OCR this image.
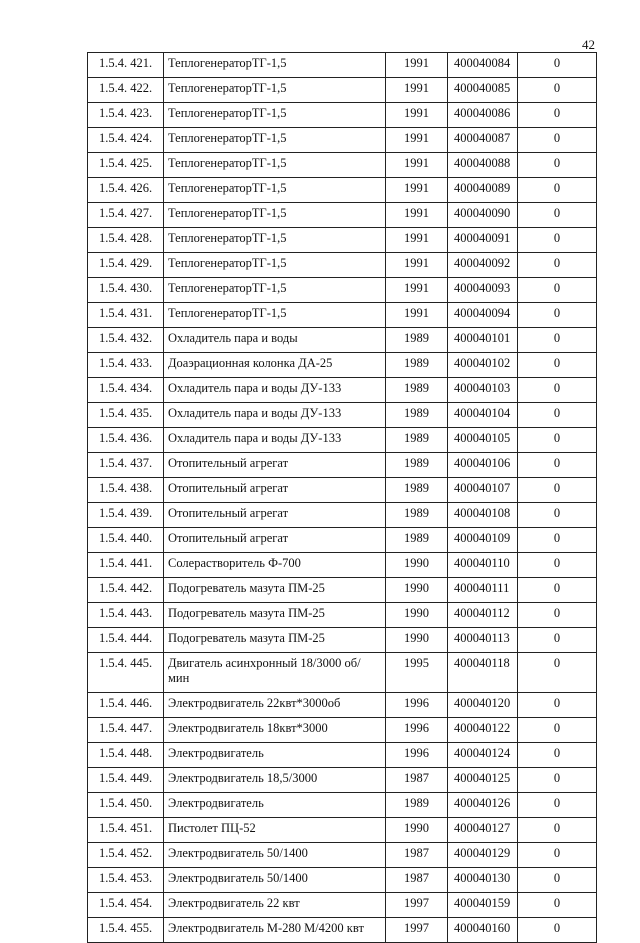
42
1.5.4. 421.	ТеплогенераторТГ-1,5	1991	400040084	0
1.5.4. 422.	ТеплогенераторТГ-1,5	1991	400040085	0
1.5.4. 423.	ТеплогенераторТГ-1,5	1991	400040086	0
1.5.4. 424.	ТеплогенераторТГ-1,5	1991	400040087	0
1.5.4. 425.	ТеплогенераторТГ-1,5	1991	400040088	0
1.5.4. 426.	ТеплогенераторТГ-1,5	1991	400040089	0
1.5.4. 427.	ТеплогенераторТГ-1,5	1991	400040090	0
1.5.4. 428.	ТеплогенераторТГ-1,5	1991	400040091	0
1.5.4. 429.	ТеплогенераторТГ-1,5	1991	400040092	0
1.5.4. 430.	ТеплогенераторТГ-1,5	1991	400040093	0
1.5.4. 431.	ТеплогенераторТГ-1,5	1991	400040094	0
1.5.4. 432.	Охладитель пара и воды	1989	400040101	0
1.5.4. 433.	Доаэрационная колонка ДА-25	1989	400040102	0
1.5.4. 434.	Охладитель пара и воды ДУ-133	1989	400040103	0
1.5.4. 435.	Охладитель пара и воды ДУ-133	1989	400040104	0
1.5.4. 436.	Охладитель пара и воды ДУ-133	1989	400040105	0
1.5.4. 437.	Отопительный агрегат	1989	400040106	0
1.5.4. 438.	Отопительный агрегат	1989	400040107	0
1.5.4. 439.	Отопительный агрегат	1989	400040108	0
1.5.4. 440.	Отопительный агрегат	1989	400040109	0
1.5.4. 441.	Солерастворитель Ф-700	1990	400040110	0
1.5.4. 442.	Подогреватель мазута ПМ-25	1990	400040111	0
1.5.4. 443.	Подогреватель мазута ПМ-25	1990	400040112	0
1.5.4. 444.	Подогреватель мазута ПМ-25	1990	400040113	0
1.5.4. 445.	Двигатель асинхронный 18/3000 об/мин	1995	400040118	0
1.5.4. 446.	Электродвигатель 22квт*3000об	1996	400040120	0
1.5.4. 447.	Электродвигатель 18квт*3000	1996	400040122	0
1.5.4. 448.	Электродвигатель	1996	400040124	0
1.5.4. 449.	Электродвигатель 18,5/3000	1987	400040125	0
1.5.4. 450.	Электродвигатель	1989	400040126	0
1.5.4. 451.	Пистолет ПЦ-52	1990	400040127	0
1.5.4. 452.	Электродвигатель 50/1400	1987	400040129	0
1.5.4. 453.	Электродвигатель 50/1400	1987	400040130	0
1.5.4. 454.	Электродвигатель 22 квт	1997	400040159	0
1.5.4. 455.	Электродвигатель М-280 М/4200 квт	1997	400040160	0
